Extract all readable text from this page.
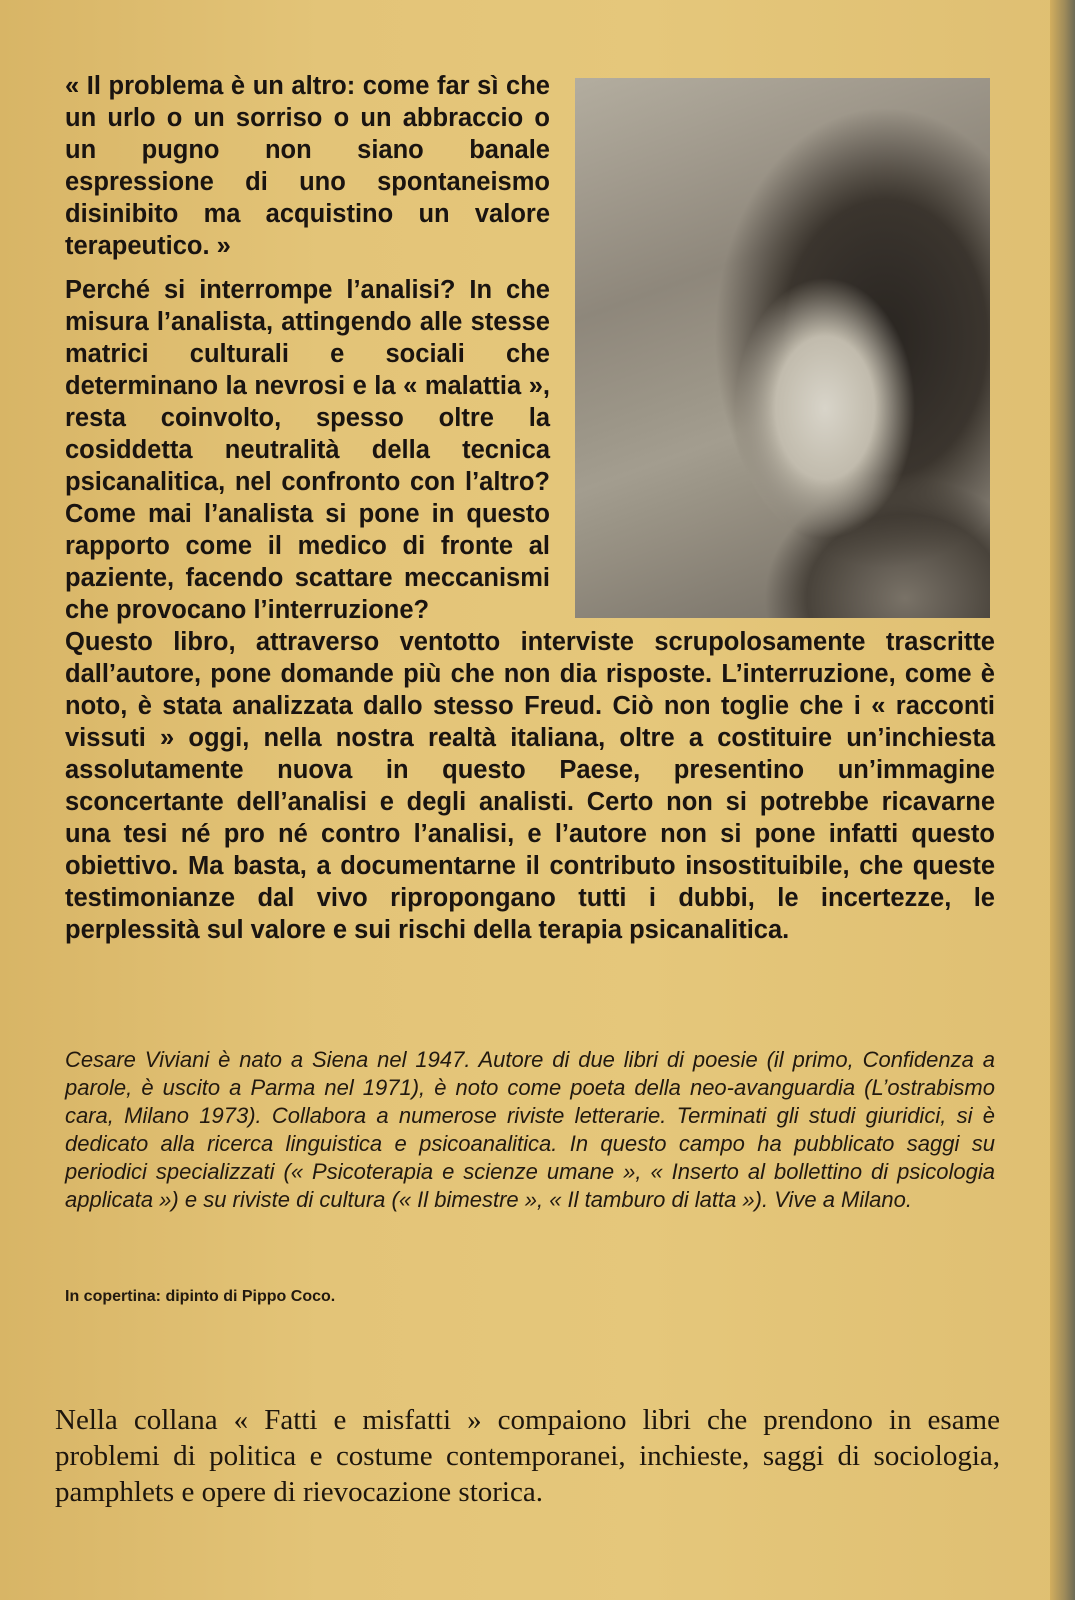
« Il problema è un altro: come far sì che un urlo o un sorriso o un abbraccio o un pugno non siano banale espressione di uno spontaneismo disinibito ma acquistino un valore terapeutico. »
Perché si interrompe l’analisi? In che misura l’analista, attingendo alle stesse matrici culturali e sociali che determinano la nevrosi e la « malattia », resta coinvolto, spesso oltre la cosiddetta neutralità della tecnica psicanalitica, nel confronto con l’altro? Come mai l’analista si pone in questo rapporto come il medico di fronte al paziente, facendo scattare meccanismi che provocano l’interruzione?
Questo libro, attraverso ventotto interviste scrupolosamente trascritte dall’autore, pone domande più che non dia risposte. L’interruzione, come è noto, è stata analizzata dallo stesso Freud. Ciò non toglie che i « racconti vissuti » oggi, nella nostra realtà italiana, oltre a costituire un’inchiesta assolutamente nuova in questo Paese, presentino un’immagine sconcertante dell’analisi e degli analisti. Certo non si potrebbe ricavarne una tesi né pro né contro l’analisi, e l’autore non si pone infatti questo obiettivo. Ma basta, a documentarne il contributo insostituibile, che queste testimonianze dal vivo ripropongano tutti i dubbi, le incertezze, le perplessità sul valore e sui rischi della terapia psicanalitica.
Cesare Viviani è nato a Siena nel 1947. Autore di due libri di poesie (il primo, Confidenza a parole, è uscito a Parma nel 1971), è noto come poeta della neo-avanguardia (L’ostrabismo cara, Milano 1973). Collabora a numerose riviste letterarie. Terminati gli studi giuridici, si è dedicato alla ricerca linguistica e psicoanalitica. In questo campo ha pubblicato saggi su periodici specializzati (« Psicoterapia e scienze umane », « Inserto al bollettino di psicologia applicata ») e su riviste di cultura (« Il bimestre », « Il tamburo di latta »). Vive a Milano.
In copertina: dipinto di Pippo Coco.
Nella collana « Fatti e misfatti » compaiono libri che prendono in esame problemi di politica e costume contemporanei, inchieste, saggi di sociologia, pamphlets e opere di rievocazione storica.
